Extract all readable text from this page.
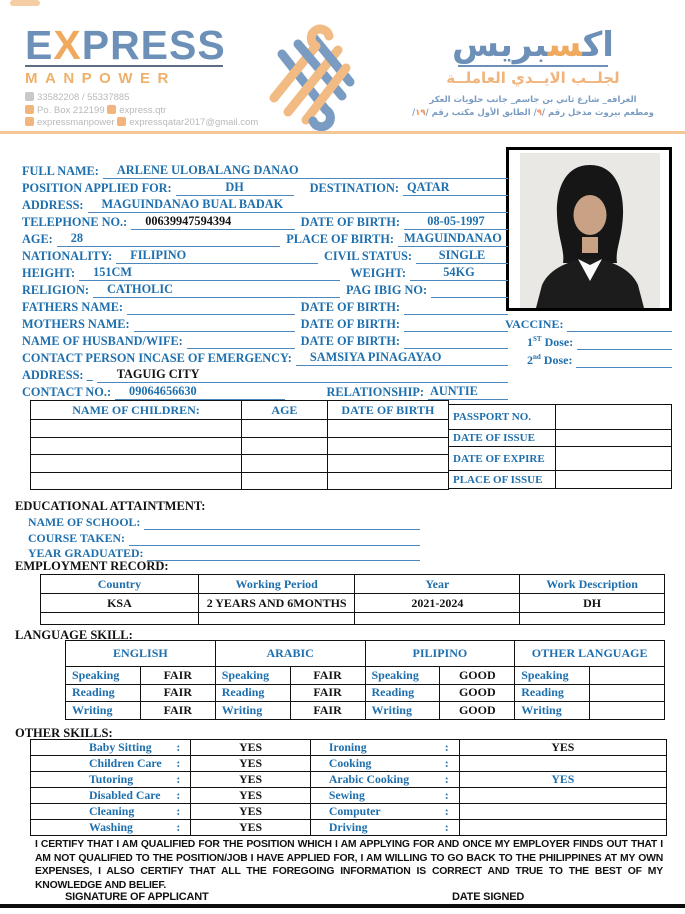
EXPRESS
MANPOWER
33582208 / 55337885
Po. Box 212199 express.qtr
expressmanpower expressqatar2017@gmail.com
اكسبريس
لجلــب الايــدي العاملــة
الغرافه_ شارع ثاني بن جاسم_ جانب حلويات العكر
ومطعم بيروت مدخل رقم /٩/ الطابق الأول مكتب رقم /١٩/
FULL NAME:	ARLENE ULOBALANG DANAO
POSITION APPLIED FOR:	DH	DESTINATION: QATAR
ADDRESS:	MAGUINDANAO BUAL BADAK
TELEPHONE NO.:	00639947594394	DATE OF BIRTH:	08-05-1997
AGE:	28	PLACE OF BIRTH: MAGUINDANAO
NATIONALITY:	FILIPINO	CIVIL STATUS:	SINGLE
HEIGHT:	151CM	WEIGHT:	54KG
RELIGION:	CATHOLIC	PAG IBIG NO:
FATHERS NAME:	DATE OF BIRTH:
MOTHERS NAME:	DATE OF BIRTH:
NAME OF HUSBAND/WIFE:	DATE OF BIRTH:
CONTACT PERSON INCASE OF EMERGENCY:	SAMSIYA PINAGAYAO
ADDRESS: _	TAGUIG CITY
CONTACT NO.:	09064656630	RELATIONSHIP: AUNTIE
VACCINE:
1ST Dose:
2nd Dose:
NAME OF CHILDREN:	AGE	DATE OF BIRTH

PASSPORT NO.	
DATE OF ISSUE	
DATE OF EXPIRE	
PLACE OF ISSUE	
EDUCATIONAL ATTAINTMENT:
NAME OF SCHOOL:
COURSE TAKEN:
YEAR GRADUATED:
EMPLOYMENT RECORD:
Country	Working Period	Year	Work Description
KSA	2 YEARS AND 6MONTHS	2021-2024	DH

LANGUAGE SKILL:
ENGLISH		ARABIC		PILIPINO		OTHER LANGUAGE	
Speaking	FAIR	Speaking	FAIR	Speaking	GOOD	Speaking	
Reading	FAIR	Reading	FAIR	Reading	GOOD	Reading	
Writing	FAIR	Writing	FAIR	Writing	GOOD	Writing	
OTHER SKILLS:
Baby Sitting :	YES	Ironing :	YES
Children Care :	YES	Cooking :	

Tutoring :	YES	Arabic Cooking :	YES
Disabled Care :	YES	Sewing :	

Cleaning :	YES	Computer :	

Washing :	YES	Driving :	

I CERTIFY THAT I AM QUALIFIED FOR THE POSITION WHICH I AM APPLYING FOR AND ONCE MY EMPLOYER FINDS OUT THAT I AM NOT QUALIFIED TO THE POSITION/JOB I HAVE APPLIED FOR, I AM WILLING TO GO BACK TO THE PHILIPPINES AT MY OWN EXPENSES, I ALSO CERTIFY THAT ALL THE FOREGOING INFORMATION IS CORRECT AND TRUE TO THE BEST OF MY KNOWLEDGE AND BELIEF.
SIGNATURE OF APPLICANT	DATE SIGNED
